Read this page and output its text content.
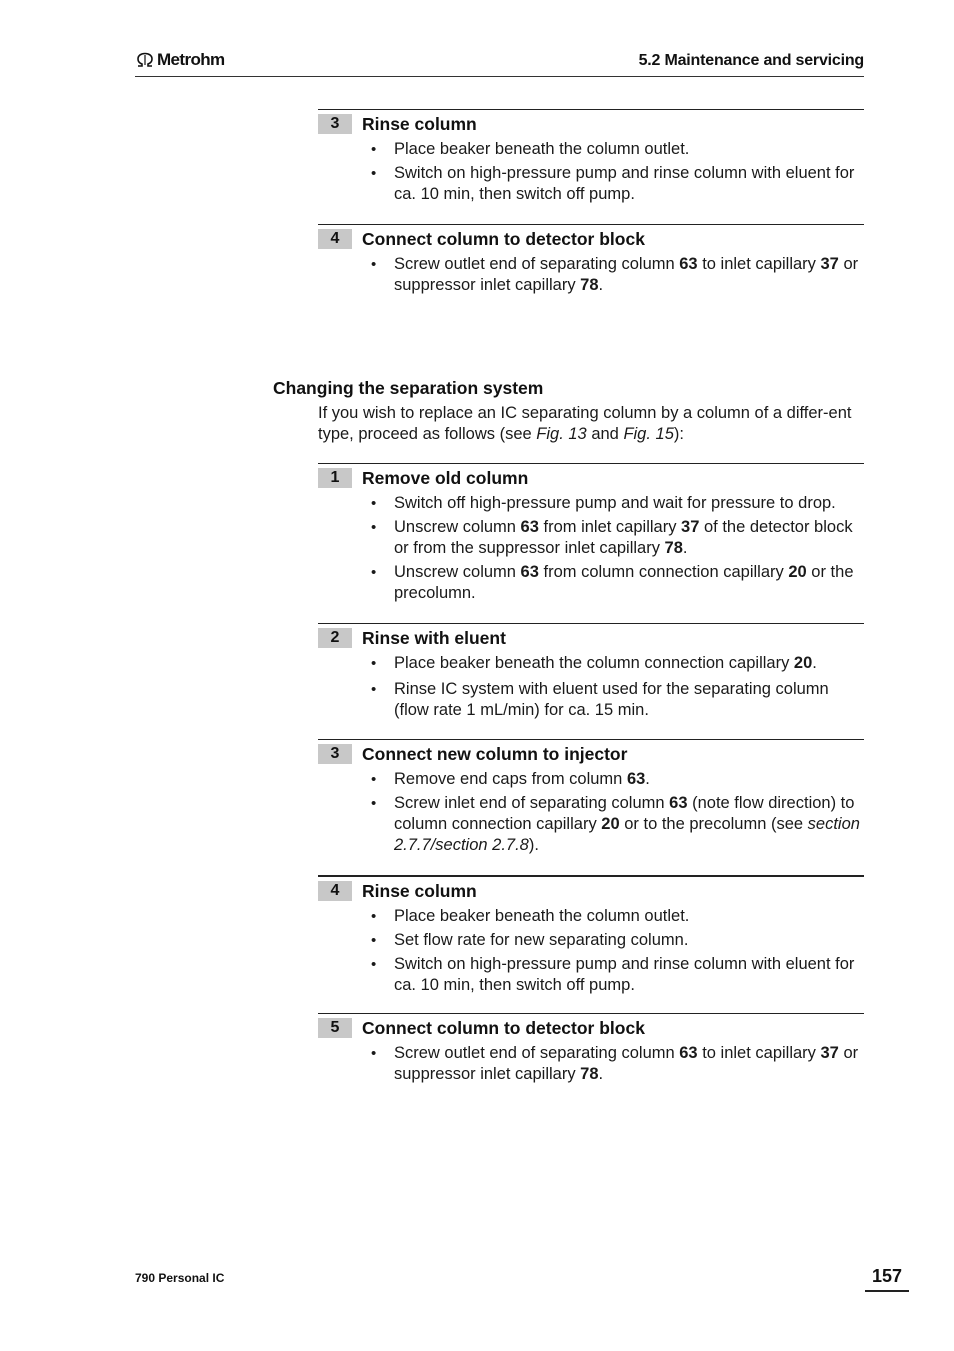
Metrohm	5.2 Maintenance and servicing
3	Rinse column
• Place beaker beneath the column outlet.
• Switch on high-pressure pump and rinse column with eluent for ca. 10 min, then switch off pump.
4	Connect column to detector block
• Screw outlet end of separating column 63 to inlet capillary 37 or suppressor inlet capillary 78.
Changing the separation system
If you wish to replace an IC separating column by a column of a differ-ent type, proceed as follows (see Fig. 13 and Fig. 15):
1	Remove old column
• Switch off high-pressure pump and wait for pressure to drop.
• Unscrew column 63 from inlet capillary 37 of the detector block or from the suppressor inlet capillary 78.
• Unscrew column 63 from column connection capillary 20 or the precolumn.
2	Rinse with eluent
• Place beaker beneath the column connection capillary 20.
• Rinse IC system with eluent used for the separating column (flow rate 1 mL/min) for ca. 15 min.
3	Connect new column to injector
• Remove end caps from column 63.
• Screw inlet end of separating column 63 (note flow direction) to column connection capillary 20 or to the precolumn (see section 2.7.7/section 2.7.8).
4	Rinse column
• Place beaker beneath the column outlet.
• Set flow rate for new separating column.
• Switch on high-pressure pump and rinse column with eluent for ca. 10 min, then switch off pump.
5	Connect column to detector block
• Screw outlet end of separating column 63 to inlet capillary 37 or suppressor inlet capillary 78.
790 Personal IC	157
